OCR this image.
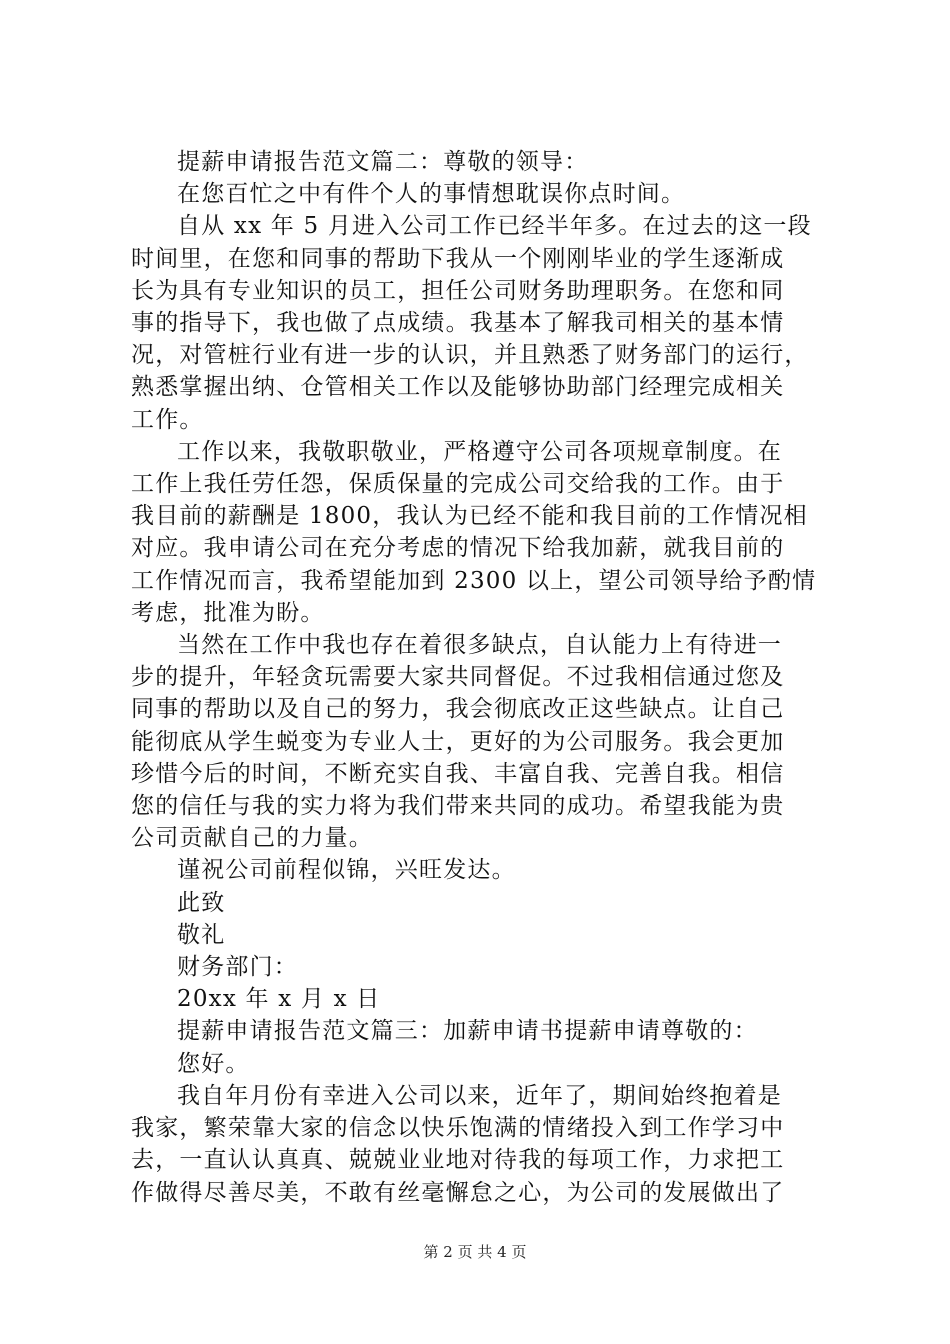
提薪申请报告范文篇二：尊敬的领导：
在您百忙之中有件个人的事情想耽误你点时间。
自从 xx 年 5 月进入公司工作已经半年多。在过去的这一段
时间里，在您和同事的帮助下我从一个刚刚毕业的学生逐渐成
长为具有专业知识的员工，担任公司财务助理职务。在您和同
事的指导下，我也做了点成绩。我基本了解我司相关的基本情
况，对管桩行业有进一步的认识，并且熟悉了财务部门的运行，
熟悉掌握出纳、仓管相关工作以及能够协助部门经理完成相关
工作。
工作以来，我敬职敬业，严格遵守公司各项规章制度。在
工作上我任劳任怨，保质保量的完成公司交给我的工作。由于
我目前的薪酬是 1800，我认为已经不能和我目前的工作情况相
对应。我申请公司在充分考虑的情况下给我加薪，就我目前的
工作情况而言，我希望能加到 2300 以上，望公司领导给予酌情
考虑，批准为盼。
当然在工作中我也存在着很多缺点，自认能力上有待进一
步的提升，年轻贪玩需要大家共同督促。不过我相信通过您及
同事的帮助以及自己的努力，我会彻底改正这些缺点。让自己
能彻底从学生蜕变为专业人士，更好的为公司服务。我会更加
珍惜今后的时间，不断充实自我、丰富自我、完善自我。相信
您的信任与我的实力将为我们带来共同的成功。希望我能为贵
公司贡献自己的力量。
谨祝公司前程似锦，兴旺发达。
此致
敬礼
财务部门：
20xx 年 x 月 x 日
提薪申请报告范文篇三：加薪申请书提薪申请尊敬的：
您好。
我自年月份有幸进入公司以来，近年了，期间始终抱着是
我家，繁荣靠大家的信念以快乐饱满的情绪投入到工作学习中
去，一直认认真真、兢兢业业地对待我的每项工作，力求把工
作做得尽善尽美，不敢有丝毫懈怠之心，为公司的发展做出了
第 2 页 共 4 页
